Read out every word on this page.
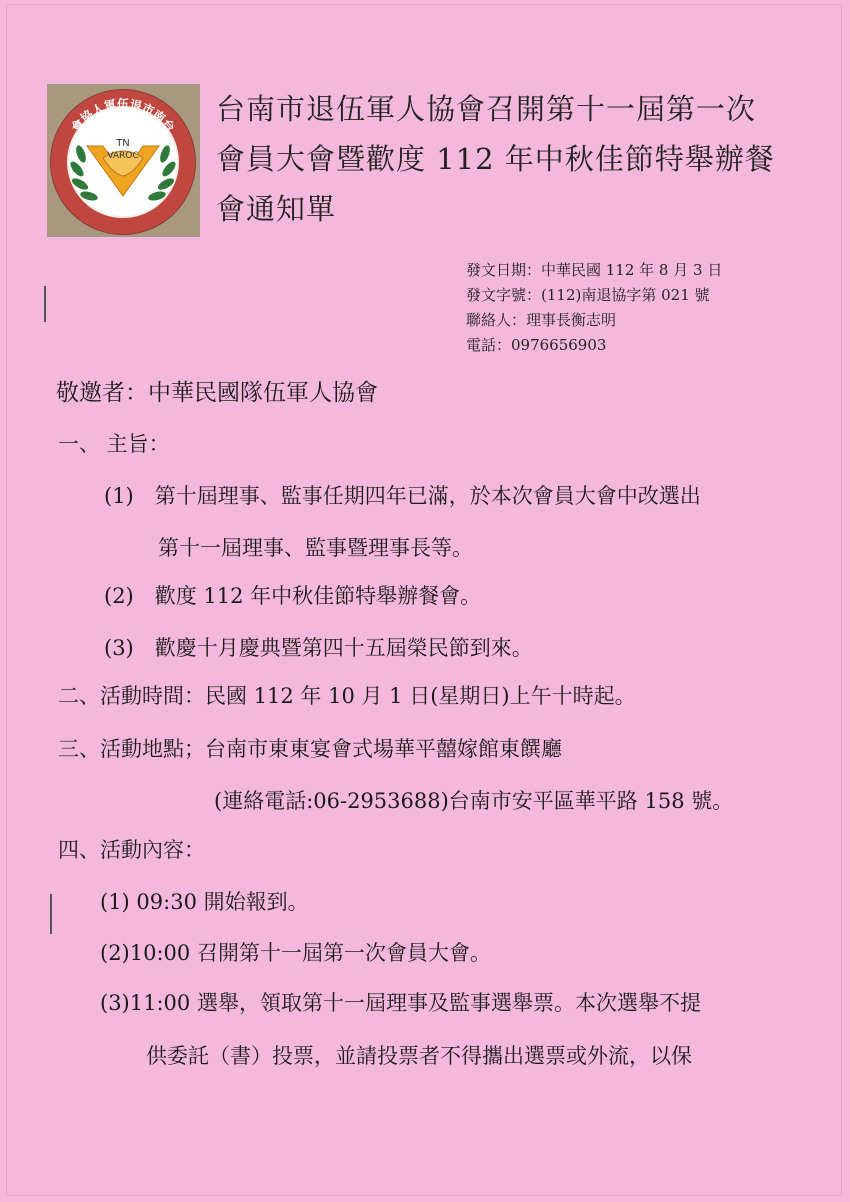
TN
VAROC
會協人軍伍退市南台 台南市退伍軍人協會召開第十一屆第一次
會員大會暨歡度 112 年中秋佳節特舉辦餐
會通知單
發文日期：中華民國 112 年 8 月 3 日
發文字號：(112)南退協字第 021 號
聯絡人：理事長衡志明
電話：0976656903
敬邀者：中華民國隊伍軍人協會
一、 主旨：
(1)　第十屆理事、監事任期四年已滿，於本次會員大會中改選出
第十一屆理事、監事暨理事長等。
(2)　歡度 112 年中秋佳節特舉辦餐會。
(3)　歡慶十月慶典暨第四十五屆榮民節到來。
二、活動時間：民國 112 年 10 月 1 日(星期日)上午十時起。
三、活動地點；台南市東東宴會式場華平囍嫁館東饌廳
(連絡電話:06-2953688)台南市安平區華平路 158 號。
四、活動內容：
(1) 09:30 開始報到。
(2)10:00 召開第十一屆第一次會員大會。
(3)11:00 選舉，領取第十一屆理事及監事選舉票。本次選舉不提
供委託（書）投票，並請投票者不得攜出選票或外流，以保
